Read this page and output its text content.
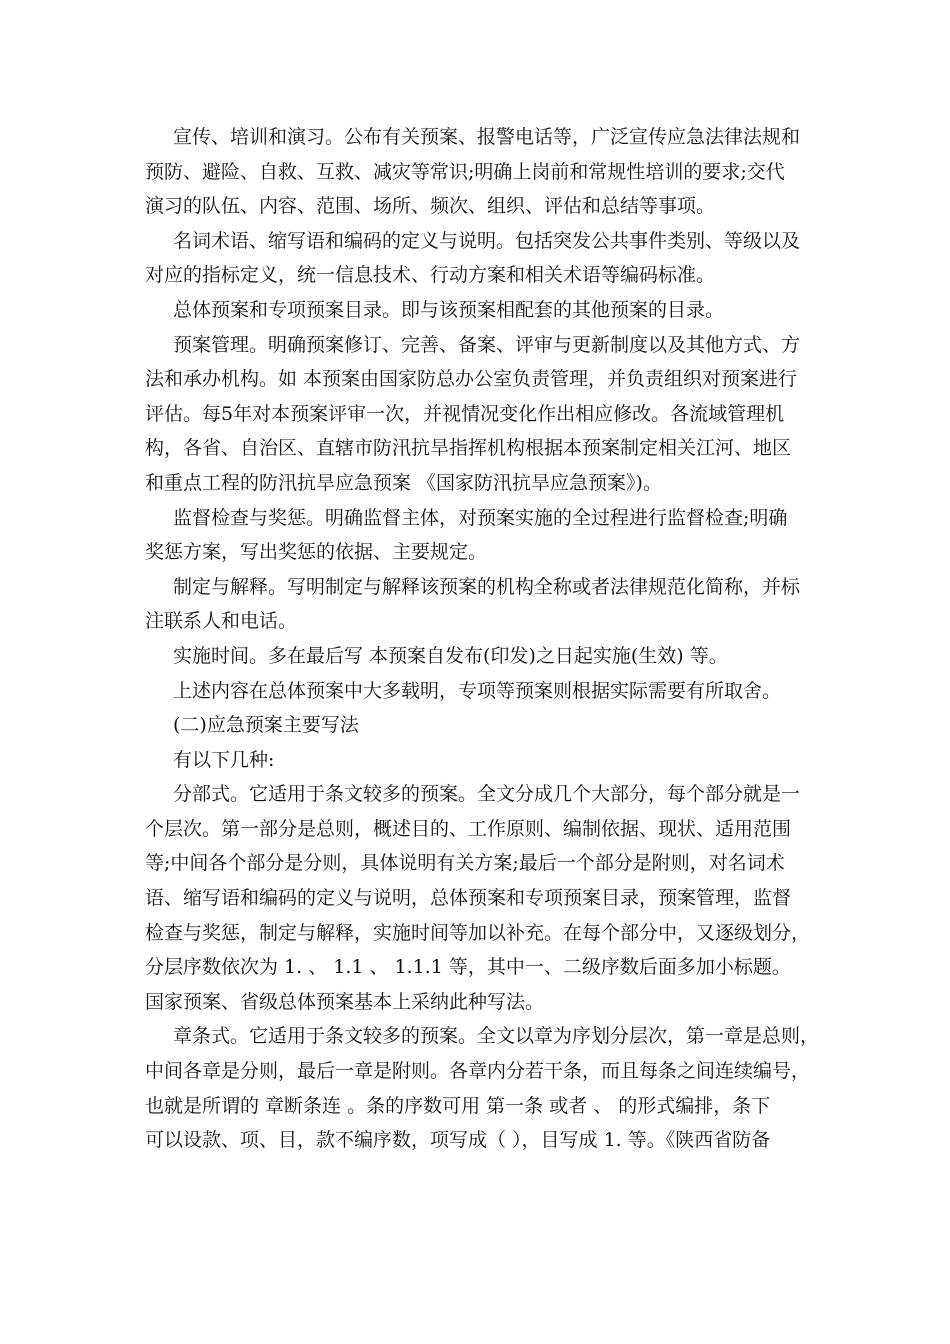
宣传、培训和演习。公布有关预案、报警电话等，广泛宣传应急法律法规和
预防、避险、自救、互救、减灾等常识;明确上岗前和常规性培训的要求;交代
演习的队伍、内容、范围、场所、频次、组织、评估和总结等事项。

名词术语、缩写语和编码的定义与说明。包括突发公共事件类别、等级以及
对应的指标定义，统一信息技术、行动方案和相关术语等编码标准。

总体预案和专项预案目录。即与该预案相配套的其他预案的目录。

预案管理。明确预案修订、完善、备案、评审与更新制度以及其他方式、方
法和承办机构。如 本预案由国家防总办公室负责管理，并负责组织对预案进行
评估。每5年对本预案评审一次，并视情况变化作出相应修改。各流域管理机
构，各省、自治区、直辖市防汛抗旱指挥机构根据本预案制定相关江河、地区
和重点工程的防汛抗旱应急预案 《国家防汛抗旱应急预案》)。

监督检查与奖惩。明确监督主体，对预案实施的全过程进行监督检查;明确
奖惩方案，写出奖惩的依据、主要规定。

制定与解释。写明制定与解释该预案的机构全称或者法律规范化简称，并标
注联系人和电话。

实施时间。多在最后写 本预案自发布(印发)之日起实施(生效) 等。

上述内容在总体预案中大多载明，专项等预案则根据实际需要有所取舍。

(二)应急预案主要写法

有以下几种:

分部式。它适用于条文较多的预案。全文分成几个大部分，每个部分就是一
个层次。第一部分是总则，概述目的、工作原则、编制依据、现状、适用范围
等;中间各个部分是分则，具体说明有关方案;最后一个部分是附则，对名词术
语、缩写语和编码的定义与说明，总体预案和专项预案目录，预案管理，监督
检查与奖惩，制定与解释，实施时间等加以补充。在每个部分中，又逐级划分，
分层序数依次为 1. 、 1.1 、 1.1.1 等，其中一、二级序数后面多加小标题。
国家预案、省级总体预案基本上采纳此种写法。

章条式。它适用于条文较多的预案。全文以章为序划分层次，第一章是总则，
中间各章是分则，最后一章是附则。各章内分若干条，而且每条之间连续编号，
也就是所谓的 章断条连 。条的序数可用 第一条 或者 、 的形式编排，条下
可以设款、项、目，款不编序数，项写成（ ），目写成 1. 等。《陕西省防备
